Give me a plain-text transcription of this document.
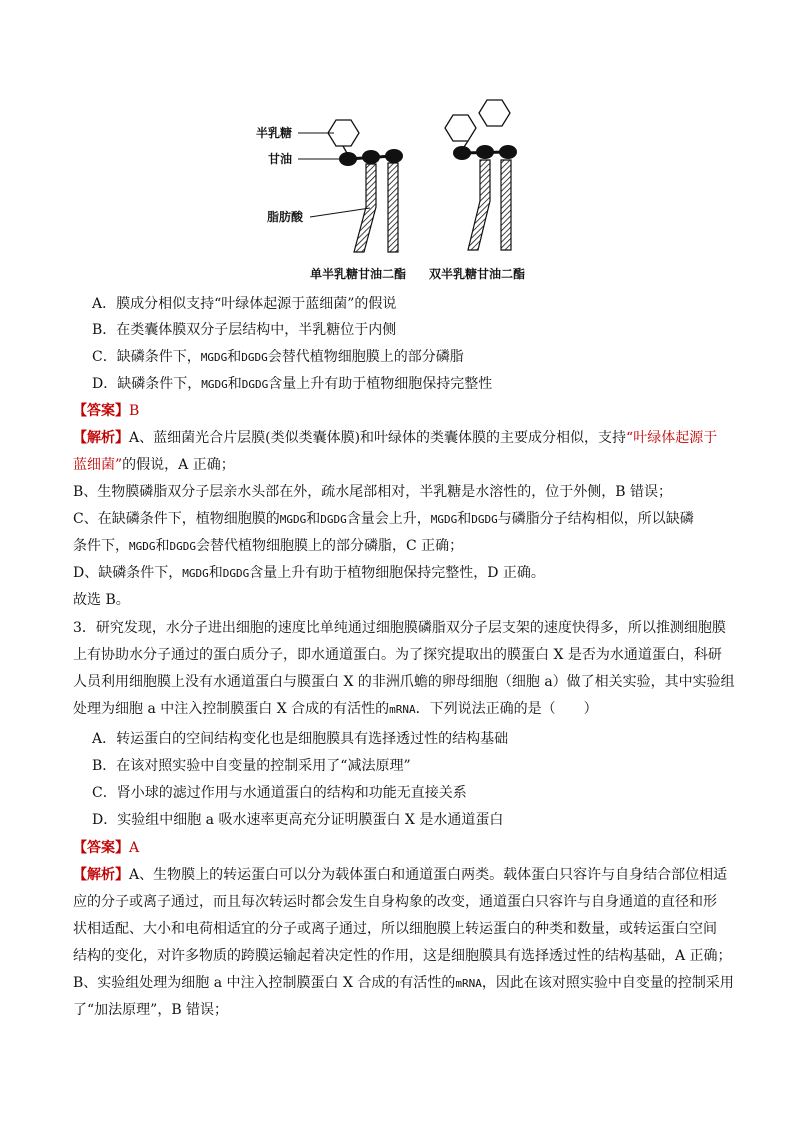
半乳糖
甘油
脂肪酸
单半乳糖甘油二酯 双半乳糖甘油二酯
A．膜成分相似支持“叶绿体起源于蓝细菌”的假说
B．在类囊体膜双分子层结构中，半乳糖位于内侧
C．缺磷条件下，MGDG和DGDG会替代植物细胞膜上的部分磷脂
D．缺磷条件下，MGDG和DGDG含量上升有助于植物细胞保持完整性
【答案】B
【解析】A、蓝细菌光合片层膜(类似类囊体膜)和叶绿体的类囊体膜的主要成分相似，支持“叶绿体起源于
蓝细菌”的假说，A 正确；
B、生物膜磷脂双分子层亲水头部在外，疏水尾部相对，半乳糖是水溶性的，位于外侧，B 错误；
C、在缺磷条件下，植物细胞膜的MGDG和DGDG含量会上升，MGDG和DGDG与磷脂分子结构相似，所以缺磷
条件下，MGDG和DGDG会替代植物细胞膜上的部分磷脂，C 正确；
D、缺磷条件下，MGDG和DGDG含量上升有助于植物细胞保持完整性，D 正确。
故选 B。
3．研究发现，水分子进出细胞的速度比单纯通过细胞膜磷脂双分子层支架的速度快得多，所以推测细胞膜
上有协助水分子通过的蛋白质分子，即水通道蛋白。为了探究提取出的膜蛋白 X 是否为水通道蛋白，科研
人员利用细胞膜上没有水通道蛋白与膜蛋白 X 的非洲爪蟾的卵母细胞（细胞 a）做了相关实验，其中实验组
处理为细胞 a 中注入控制膜蛋白 X 合成的有活性的mRNA．下列说法正确的是（　　）
A．转运蛋白的空间结构变化也是细胞膜具有选择透过性的结构基础
B．在该对照实验中自变量的控制采用了“减法原理”
C．肾小球的滤过作用与水通道蛋白的结构和功能无直接关系
D．实验组中细胞 a 吸水速率更高充分证明膜蛋白 X 是水通道蛋白
【答案】A
【解析】A、生物膜上的转运蛋白可以分为载体蛋白和通道蛋白两类。载体蛋白只容许与自身结合部位相适
应的分子或离子通过，而且每次转运时都会发生自身构象的改变，通道蛋白只容许与自身通道的直径和形
状相适配、大小和电荷相适宜的分子或离子通过，所以细胞膜上转运蛋白的种类和数量，或转运蛋白空间
结构的变化，对许多物质的跨膜运输起着决定性的作用，这是细胞膜具有选择透过性的结构基础，A 正确；
B、实验组处理为细胞 a 中注入控制膜蛋白 X 合成的有活性的mRNA，因此在该对照实验中自变量的控制采用
了“加法原理”，B 错误；
